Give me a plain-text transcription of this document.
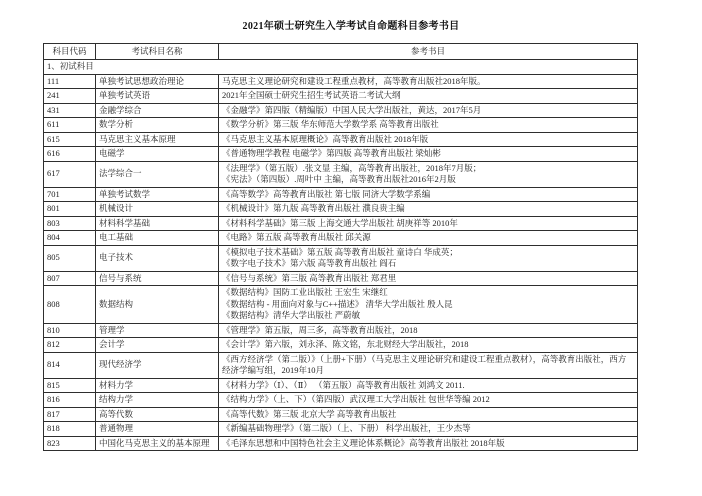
2021年硕士研究生入学考试自命题科目参考书目
科目代码	考试科目名称	参考书目
1、初试科目		
111	单独考试思想政治理论	马克思主义理论研究和建设工程重点教材，高等教育出版社2018年版。

241	单独考试英语	2021年全国硕士研究生招生考试英语二考试大纲

431	金融学综合	《金融学》第四版（精编版）中国人民大学出版社，黄达，2017年5月

611	数学分析	《数学分析》第三版 华东师范大学数学系 高等教育出版社

615	马克思主义基本原理	《马克思主义基本原理概论》高等教育出版社 2018年版

616	电磁学	《普通物理学教程 电磁学》第四版 高等教育出版社 梁灿彬

617	法学综合一	《法理学》（第五版）.张文显 主编，高等教育出版社，2018年7月版；
《宪法》（第四版）.周叶中 主编，高等教育出版社2016年2月版

701	单独考试数学	《高等数学》高等教育出版社 第七版 同济大学数学系编

801	机械设计	《机械设计》第九版 高等教育出版社 濮良贵主编

803	材料科学基础	《材料科学基础》第三版 上海交通大学出版社 胡庚祥等 2010年

804	电工基础	《电路》第五版 高等教育出版社 邱关源

805	电子技术	《模拟电子技术基础》第五版 高等教育出版社 童诗白 华成英；
《数字电子技术》第六版 高等教育出版社 阎石

807	信号与系统	《信号与系统》第三版 高等教育出版社 郑君里

808	数据结构	《数据结构》国防工业出版社 王宏生 宋继红
《数据结构 - 用面向对象与C++描述》 清华大学出版社 殷人昆
《数据结构》清华大学出版社 严蔚敏

810	管理学	《管理学》第五版，周三多，高等教育出版社，2018

812	会计学	《会计学》第六版，刘永泽、陈文铭，东北财经大学出版社，2018

814	现代经济学	《西方经济学（第二版）》（上册+下册）（马克思主义理论研究和建设工程重点教材），高等教育出版社，西方经济学编写组，2019年10月

815	材料力学	《材料力学》（Ⅰ）、（Ⅱ） （第五版）高等教育出版社 刘鸿文 2011.

816	结构力学	《结构力学》（上、下）（第四版）武汉理工大学出版社 包世华等编 2012

817	高等代数	《高等代数》第三版 北京大学 高等教育出版社

818	普通物理	《新编基础物理学》（第二版）（上、下册） 科学出版社，王少杰等

823	中国化马克思主义的基本原理	《毛泽东思想和中国特色社会主义理论体系概论》高等教育出版社 2018年版
